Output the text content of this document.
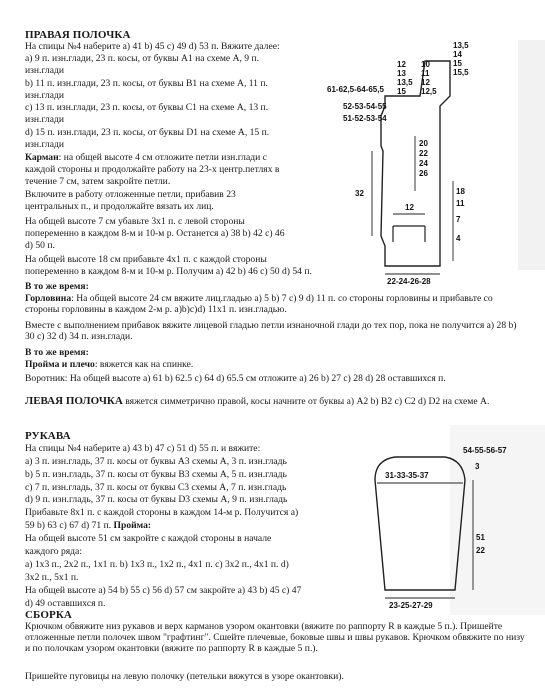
ПРАВАЯ ПОЛОЧКА
На спицы №4 наберите а) 41 b) 45 c) 49 d) 53 п. Вяжите далее:
а) 9 п. изн.глади, 23 п. косы, от буквы A1 на схеме A, 9 п.
изн.глади
b) 11 п. изн.глади, 23 п. косы, от буквы B1 на схеме A, 11 п.
изн.глади
c) 13 п. изн.глади, 23 п. косы, от буквы C1 на схеме A, 13 п.
изн.глади
d) 15 п. изн.глади, 23 п. косы, от буквы D1 на схеме A, 15 п.
изн.глади
Карман: на общей высоте 4 cм отложите петли изн.глади с
каждой стороны и продолжайте работу на 23-х центр.петлях в
течение 7 cм, затем закройте петли.
Включите в работу отложенные петли, прибавив 23
центральных п., и продолжайте вязать их лиц.
На общей высоте 7 cм убавьте 3х1 п. с левой стороны
попеременно в каждом 8-м и 10-м р. Останется а) 38 b) 42 c) 46
d) 50 п.
На общей высоте 18 cм прибавьте 4х1 п. с каждой стороны
попеременно в каждом 8-м и 10-м р. Получим а) 42 b) 46 c) 50 d) 54 п.
В то же время:
Горловина: На общей высоте 24 cм вяжите лиц.гладью а) 5 b) 7 c) 9 d) 11 п. со стороны горловины и прибавьте со стороны горловины в каждом 2-м р. а)b)c)d) 11х1 п. изн.гладью.
Вместе с выполнением прибавок вяжите лицевой гладью петли изнаночной глади до тех пор, пока не получится а) 28 b) 30 c) 32 d) 34 п. изн.глади.
В то же время:
Пройма и плечо: вяжется как на спинке.
Воротник: На общей высоте а) 61 b) 62.5 c) 64 d) 65.5 cм отложите а) 26 b) 27 c) 28 d) 28 оставшихся п.
ЛЕВАЯ ПОЛОЧКА вяжется симметрично правой, косы начните от буквы а) A2 b) B2 c) C2 d) D2 на схеме A.
РУКАВА
На спицы №4 наберите а) 43 b) 47 c) 51 d) 55 п. и вяжите:
а) 3 п. изн.гладь, 37 п. косы от буквы A3 схемы A, 3 п. изн.гладь
b) 5 п. изн.гладь, 37 п. косы от буквы B3 схемы A, 5 п. изн.гладь
c) 7 п. изн.гладь, 37 п. косы от буквы C3 схемы A, 7 п. изн.гладь
d) 9 п. изн.гладь, 37 п. косы от буквы D3 схемы A, 9 п. изн.гладь
Прибавьте 8х1 п. с каждой стороны в каждом 14-м р. Получится а)
59 b) 63 c) 67 d) 71 п. Пройма:
На общей высоте 51 cм закройте с каждой стороны в начале
каждого ряда:
а) 1х3 п., 2х2 п., 1х1 п. b) 1х3 п., 1х2 п., 4х1 п. c) 3х2 п., 4х1 п. d)
3х2 п., 5х1 п.
На общей высоте а) 54 b) 55 c) 56 d) 57 cм закройте а) 43 b) 45 c) 47
d) 49 оставшихся п.
СБОРКА
Крючком обвяжите низ рукавов и верх карманов узором окантовки (вяжите по раппорту R в каждые 5 п.). Пришейте отложенные петли полочек швом "графтинг". Сшейте плечевые, боковые швы и швы рукавов. Крючком обвяжите по низу и по полочкам узором окантовки (вяжите по раппорту R в каждые 5 п.).
Пришейте пуговицы на левую полочку (петельки вяжутся в узоре окантовки).
13,5
14
15
15,5
10
11
12
12,5
12
13
13,5
15
61-62,5-64-65,5
52-53-54-55
51-52-53-54
32
20
22
24
26
12
18
11
7
4
22-24-26-28
54-55-56-57
3
31-33-35-37
51
22
23-25-27-29
